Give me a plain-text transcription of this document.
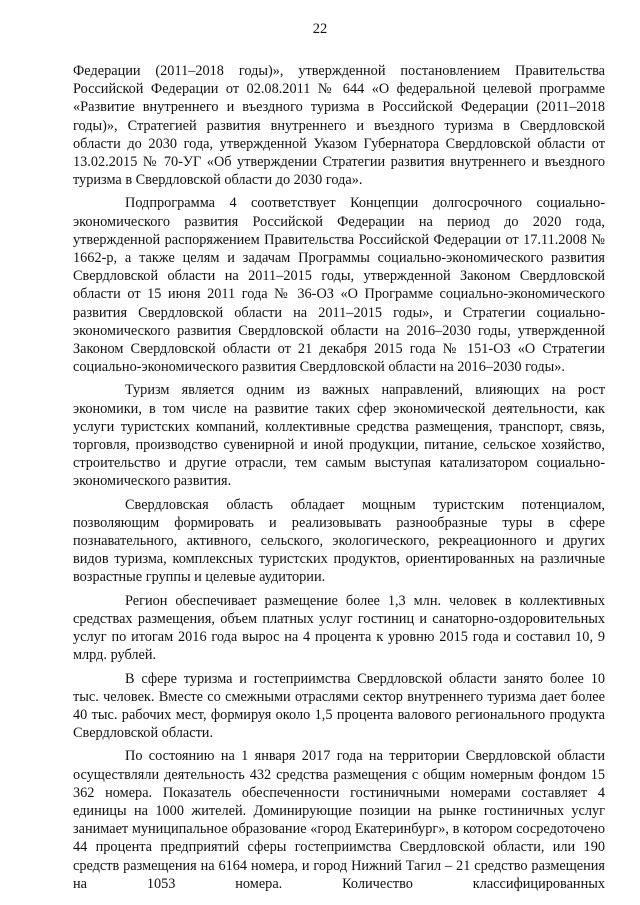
22

Федерации (2011–2018 годы)», утвержденной постановлением Правительства Российской Федерации от 02.08.2011 № 644 «О федеральной целевой программе «Развитие внутреннего и въездного туризма в Российской Федерации (2011–2018 годы)», Стратегией развития внутреннего и въездного туризма в Свердловской области до 2030 года, утвержденной Указом Губернатора Свердловской области от 13.02.2015 № 70-УГ «Об утверждении Стратегии развития внутреннего и въездного туризма в Свердловской области до 2030 года».

Подпрограмма 4 соответствует Концепции долгосрочного социально-экономического развития Российской Федерации на период до 2020 года, утвержденной распоряжением Правительства Российской Федерации от 17.11.2008 № 1662-р, а также целям и задачам Программы социально-экономического развития Свердловской области на 2011–2015 годы, утвержденной Законом Свердловской области от 15 июня 2011 года № 36-ОЗ «О Программе социально-экономического развития Свердловской области на 2011–2015 годы», и Стратегии социально-экономического развития Свердловской области на 2016–2030 годы, утвержденной Законом Свердловской области от 21 декабря 2015 года № 151-ОЗ «О Стратегии социально-экономического развития Свердловской области на 2016–2030 годы».

Туризм является одним из важных направлений, влияющих на рост экономики, в том числе на развитие таких сфер экономической деятельности, как услуги туристских компаний, коллективные средства размещения, транспорт, связь, торговля, производство сувенирной и иной продукции, питание, сельское хозяйство, строительство и другие отрасли, тем самым выступая катализатором социально-экономического развития.

Свердловская область обладает мощным туристским потенциалом, позволяющим формировать и реализовывать разнообразные туры в сфере познавательного, активного, сельского, экологического, рекреационного и других видов туризма, комплексных туристских продуктов, ориентированных на различные возрастные группы и целевые аудитории.

Регион обеспечивает размещение более 1,3 млн. человек в коллективных средствах размещения, объем платных услуг гостиниц и санаторно-оздоровительных услуг по итогам 2016 года вырос на 4 процента к уровню 2015 года и составил 10, 9 млрд. рублей.

В сфере туризма и гостеприимства Свердловской области занято более 10 тыс. человек. Вместе со смежными отраслями сектор внутреннего туризма дает более 40 тыс. рабочих мест, формируя около 1,5 процента валового регионального продукта Свердловской области.

По состоянию на 1 января 2017 года на территории Свердловской области осуществляли деятельность 432 средства размещения с общим номерным фондом 15 362 номера. Показатель обеспеченности гостиничными номерами составляет 4 единицы на 1000 жителей. Доминирующие позиции на рынке гостиничных услуг занимает муниципальное образование «город Екатеринбург», в котором сосредоточено 44 процента предприятий сферы гостеприимства Свердловской области, или 190 средств размещения на 6164 номера, и город Нижний Тагил – 21 средство размещения на 1053 номера. Количество классифицированных
